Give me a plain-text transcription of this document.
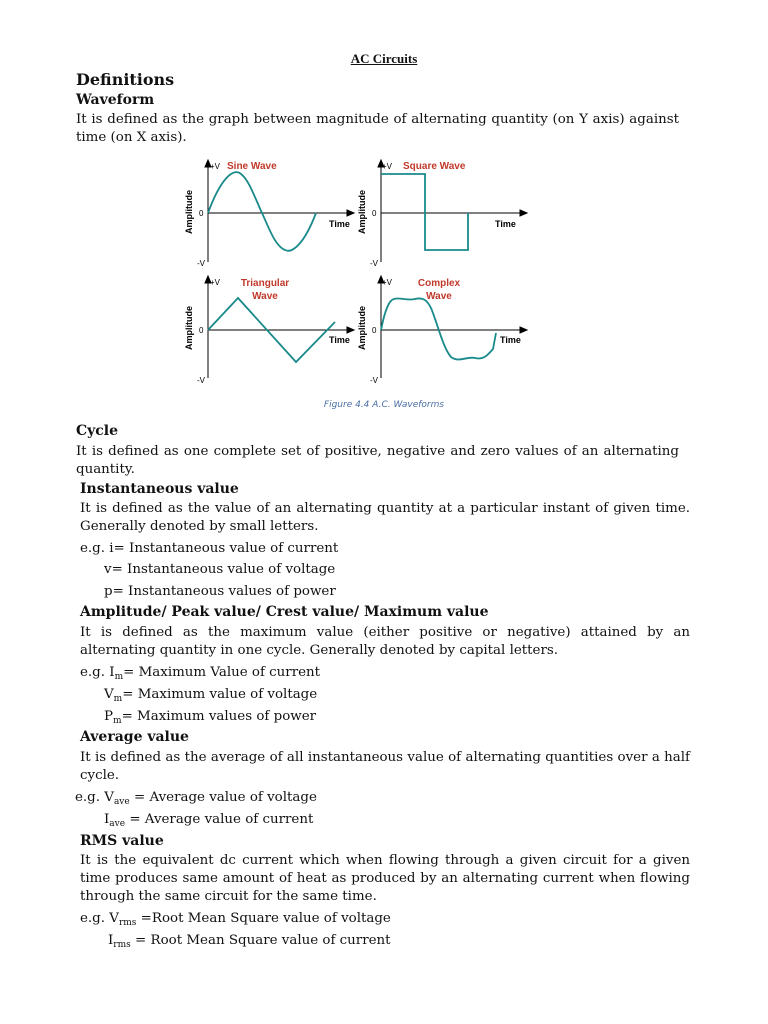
AC Circuits
Definitions
Waveform
It is defined as the graph between magnitude of alternating quantity (on Y axis) against time (on X axis).
+V
0
-V
+V
0
-V
+V
0
-V
+V
0
-V
Time	Time
Time	Time
Amplitude	Amplitude
Amplitude	Amplitude
Sine Wave	Square Wave
Triangular
Wave
Complex
Wave
Figure 4.4 A.C. Waveforms
Cycle
It is defined as one complete set of positive, negative and zero values of an alternating quantity.
Instantaneous value
It is defined as the value of an alternating quantity at a particular instant of given time. Generally denoted by small letters.
e.g. i= Instantaneous value of current
v= Instantaneous value of voltage
p= Instantaneous values of power
Amplitude/ Peak value/ Crest value/ Maximum value
It is defined as the maximum value (either positive or negative) attained by an alternating quantity in one cycle. Generally denoted by capital letters.
e.g. $I_m=$ Maximum Value of current
$V_m=$ Maximum value of voltage
$P_m=$ Maximum values of power
Average value
It is defined as the average of all instantaneous value of alternating quantities over a half cycle.
e.g. $V_{ave}$ = Average value of voltage
$I_{ave}$ = Average value of current
RMS value
It is the equivalent dc current which when flowing through a given circuit for a given time produces same amount of heat as produced by an alternating current when flowing through the same circuit for the same time.
e.g. $V_{rms}$ =Root Mean Square value of voltage
$I_{rms}$ = Root Mean Square value of current
